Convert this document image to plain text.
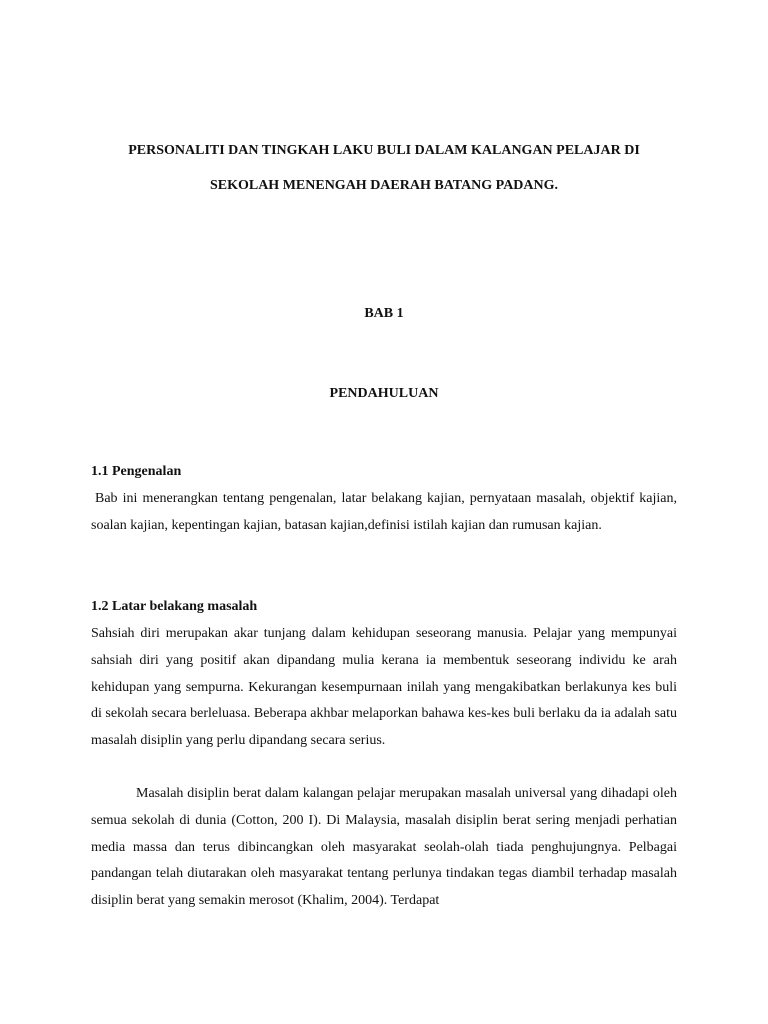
PERSONALITI DAN TINGKAH LAKU BULI DALAM KALANGAN PELAJAR DI
SEKOLAH MENENGAH DAERAH BATANG PADANG.
BAB 1
PENDAHULUAN
1.1 Pengenalan

Bab ini menerangkan tentang pengenalan, latar belakang kajian, pernyataan masalah, objektif kajian, soalan kajian, kepentingan kajian, batasan kajian,definisi istilah kajian dan rumusan kajian.

1.2 Latar belakang masalah

Sahsiah diri merupakan akar tunjang dalam kehidupan seseorang manusia. Pelajar yang mempunyai sahsiah diri yang positif akan dipandang mulia kerana ia membentuk seseorang individu ke arah kehidupan yang sempurna. Kekurangan kesempurnaan inilah yang mengakibatkan berlakunya kes buli di sekolah secara berleluasa. Beberapa akhbar melaporkan bahawa kes-kes buli berlaku da ia adalah satu masalah disiplin yang perlu dipandang secara serius.

Masalah disiplin berat dalam kalangan pelajar merupakan masalah universal yang dihadapi oleh semua sekolah di dunia (Cotton, 200 I). Di Malaysia, masalah disiplin berat sering menjadi perhatian media massa dan terus dibincangkan oleh masyarakat seolah-olah tiada penghujungnya. Pelbagai pandangan telah diutarakan oleh masyarakat tentang perlunya tindakan tegas diambil terhadap masalah disiplin berat yang semakin merosot (Khalim, 2004). Terdapat
